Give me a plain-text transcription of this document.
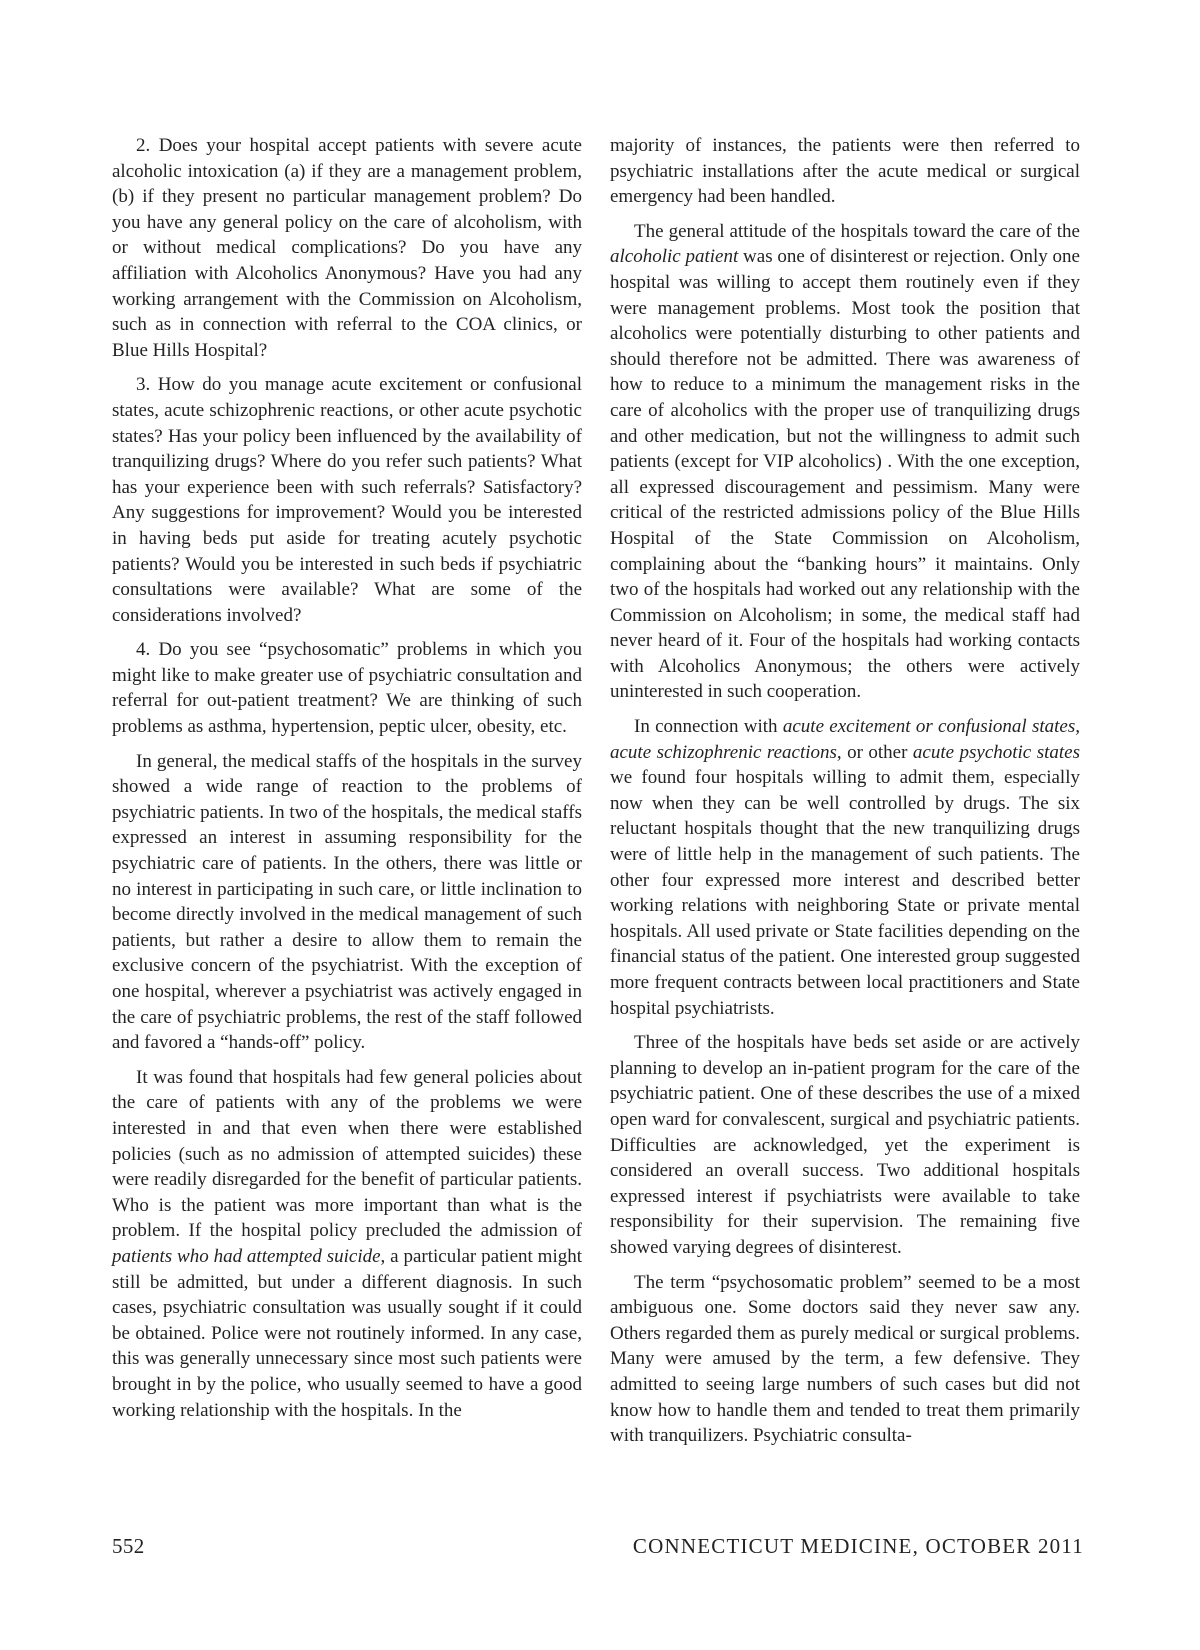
2. Does your hospital accept patients with severe acute alcoholic intoxication (a) if they are a management problem, (b) if they present no particular management problem? Do you have any general policy on the care of alcoholism, with or without medical complications? Do you have any affiliation with Alcoholics Anonymous? Have you had any working arrangement with the Commission on Alcoholism, such as in connection with referral to the COA clinics, or Blue Hills Hospital?

3. How do you manage acute excitement or confusional states, acute schizophrenic reactions, or other acute psychotic states? Has your policy been influenced by the availability of tranquilizing drugs? Where do you refer such patients? What has your experience been with such referrals? Satisfactory? Any suggestions for improvement? Would you be interested in having beds put aside for treating acutely psychotic patients? Would you be interested in such beds if psychiatric consultations were available? What are some of the considerations involved?

4. Do you see “psychosomatic” problems in which you might like to make greater use of psychiatric consultation and referral for out-patient treatment? We are thinking of such problems as asthma, hypertension, peptic ulcer, obesity, etc.

In general, the medical staffs of the hospitals in the survey showed a wide range of reaction to the problems of psychiatric patients. In two of the hospitals, the medical staffs expressed an interest in assuming responsibility for the psychiatric care of patients. In the others, there was little or no interest in participating in such care, or little inclination to become directly involved in the medical management of such patients, but rather a desire to allow them to remain the exclusive concern of the psychiatrist. With the exception of one hospital, wherever a psychiatrist was actively engaged in the care of psychiatric problems, the rest of the staff followed and favored a “hands-off” policy.

It was found that hospitals had few general policies about the care of patients with any of the problems we were interested in and that even when there were established policies (such as no admission of attempted suicides) these were readily disregarded for the benefit of particular patients. Who is the patient was more important than what is the problem. If the hospital policy precluded the admission of patients who had attempted suicide, a particular patient might still be admitted, but under a different diagnosis. In such cases, psychiatric consultation was usually sought if it could be obtained. Police were not routinely informed. In any case, this was generally unnecessary since most such patients were brought in by the police, who usually seemed to have a good working relationship with the hospitals. In the

majority of instances, the patients were then referred to psychiatric installations after the acute medical or surgical emergency had been handled.

The general attitude of the hospitals toward the care of the alcoholic patient was one of disinterest or rejection. Only one hospital was willing to accept them routinely even if they were management problems. Most took the position that alcoholics were potentially disturbing to other patients and should therefore not be admitted. There was awareness of how to reduce to a minimum the management risks in the care of alcoholics with the proper use of tranquilizing drugs and other medication, but not the willingness to admit such patients (except for VIP alcoholics) . With the one exception, all expressed discouragement and pessimism. Many were critical of the restricted admissions policy of the Blue Hills Hospital of the State Commission on Alcoholism, complaining about the “banking hours” it maintains. Only two of the hospitals had worked out any relationship with the Commission on Alcoholism; in some, the medical staff had never heard of it. Four of the hospitals had working contacts with Alcoholics Anonymous; the others were actively uninterested in such cooperation.

In connection with acute excitement or confusional states, acute schizophrenic reactions, or other acute psychotic states we found four hospitals willing to admit them, especially now when they can be well controlled by drugs. The six reluctant hospitals thought that the new tranquilizing drugs were of little help in the management of such patients. The other four expressed more interest and described better working relations with neighboring State or private mental hospitals. All used private or State facilities depending on the financial status of the patient. One interested group suggested more frequent contracts between local practitioners and State hospital psychiatrists.

Three of the hospitals have beds set aside or are actively planning to develop an in-patient program for the care of the psychiatric patient. One of these describes the use of a mixed open ward for convalescent, surgical and psychiatric patients. Difficulties are acknowledged, yet the experiment is considered an overall success. Two additional hospitals expressed interest if psychiatrists were available to take responsibility for their supervision. The remaining five showed varying degrees of disinterest.

The term “psychosomatic problem” seemed to be a most ambiguous one. Some doctors said they never saw any. Others regarded them as purely medical or surgical problems. Many were amused by the term, a few defensive. They admitted to seeing large numbers of such cases but did not know how to handle them and tended to treat them primarily with tranquilizers. Psychiatric consulta-

552	CONNECTICUT MEDICINE, OCTOBER 2011
